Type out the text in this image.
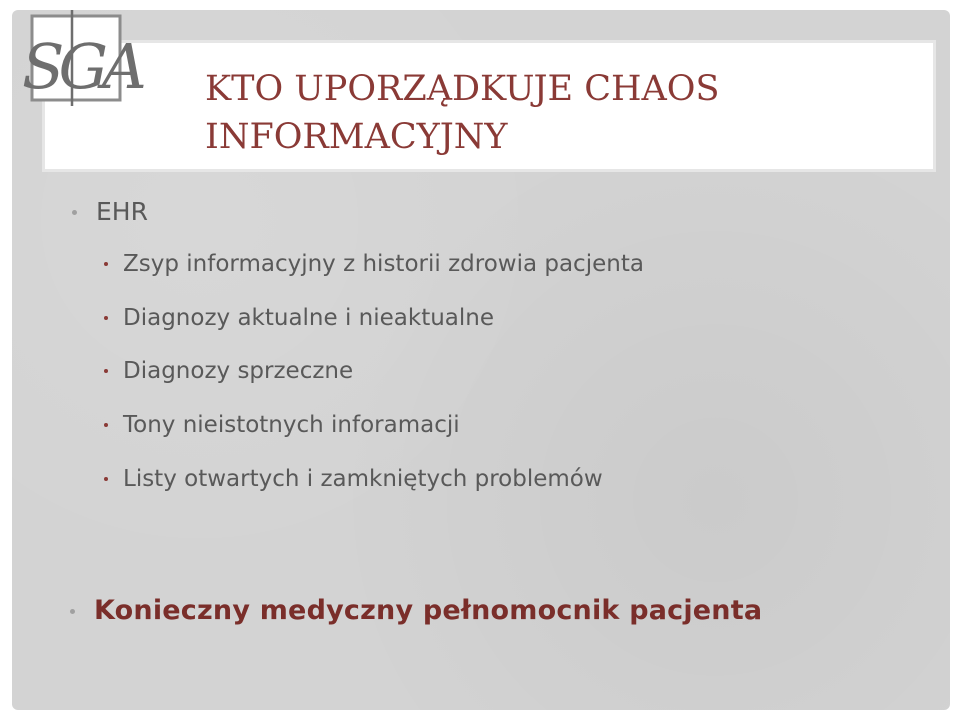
KTO UPORZĄDKUJE CHAOS
INFORMACYJNY
SGA
EHR
Zsyp informacyjny z historii zdrowia pacjenta
Diagnozy aktualne i nieaktualne
Diagnozy sprzeczne
Tony nieistotnych inforamacji
Listy otwartych i zamkniętych problemów
Konieczny medyczny pełnomocnik pacjenta
